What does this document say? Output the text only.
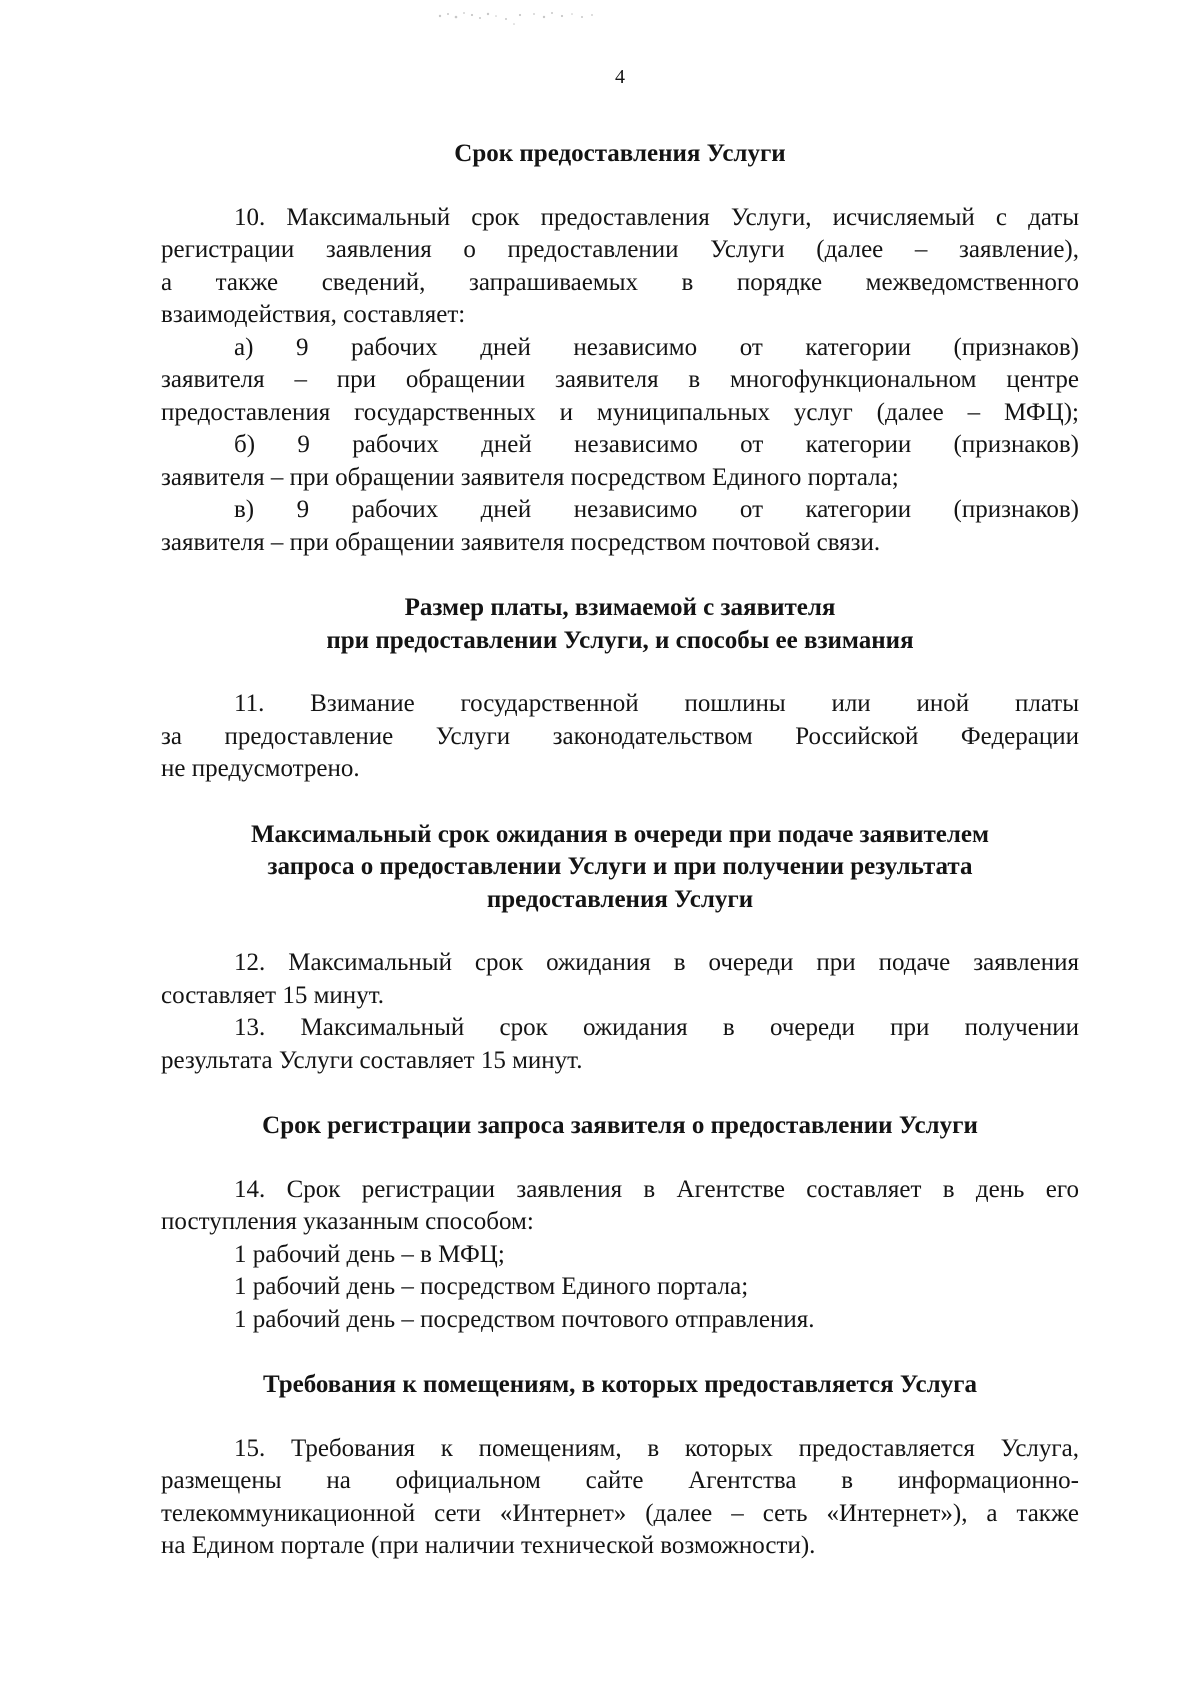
4

Срок предоставления Услуги

10. Максимальный срок предоставления Услуги, исчисляемый с даты
регистрации заявления о предоставлении Услуги (далее – заявление),
а также сведений, запрашиваемых в порядке межведомственного
взаимодействия, составляет:
а) 9 рабочих дней независимо от категории (признаков)
заявителя – при обращении заявителя в многофункциональном центре
предоставления государственных и муниципальных услуг (далее – МФЦ);
б) 9 рабочих дней независимо от категории (признаков)
заявителя – при обращении заявителя посредством Единого портала;
в) 9 рабочих дней независимо от категории (признаков)
заявителя – при обращении заявителя посредством почтовой связи.

Размер платы, взимаемой с заявителя
при предоставлении Услуги, и способы ее взимания

11. Взимание государственной пошлины или иной платы
за предоставление Услуги законодательством Российской Федерации
не предусмотрено.

Максимальный срок ожидания в очереди при подаче заявителем
запроса о предоставлении Услуги и при получении результата
предоставления Услуги

12. Максимальный срок ожидания в очереди при подаче заявления
составляет 15 минут.
13. Максимальный срок ожидания в очереди при получении
результата Услуги составляет 15 минут.

Срок регистрации запроса заявителя о предоставлении Услуги

14. Срок регистрации заявления в Агентстве составляет в день его
поступления указанным способом:
1 рабочий день – в МФЦ;
1 рабочий день – посредством Единого портала;
1 рабочий день – посредством почтового отправления.

Требования к помещениям, в которых предоставляется Услуга

15. Требования к помещениям, в которых предоставляется Услуга,
размещены на официальном сайте Агентства в информационно-
телекоммуникационной сети «Интернет» (далее – сеть «Интернет»), а также
на Едином портале (при наличии технической возможности).
